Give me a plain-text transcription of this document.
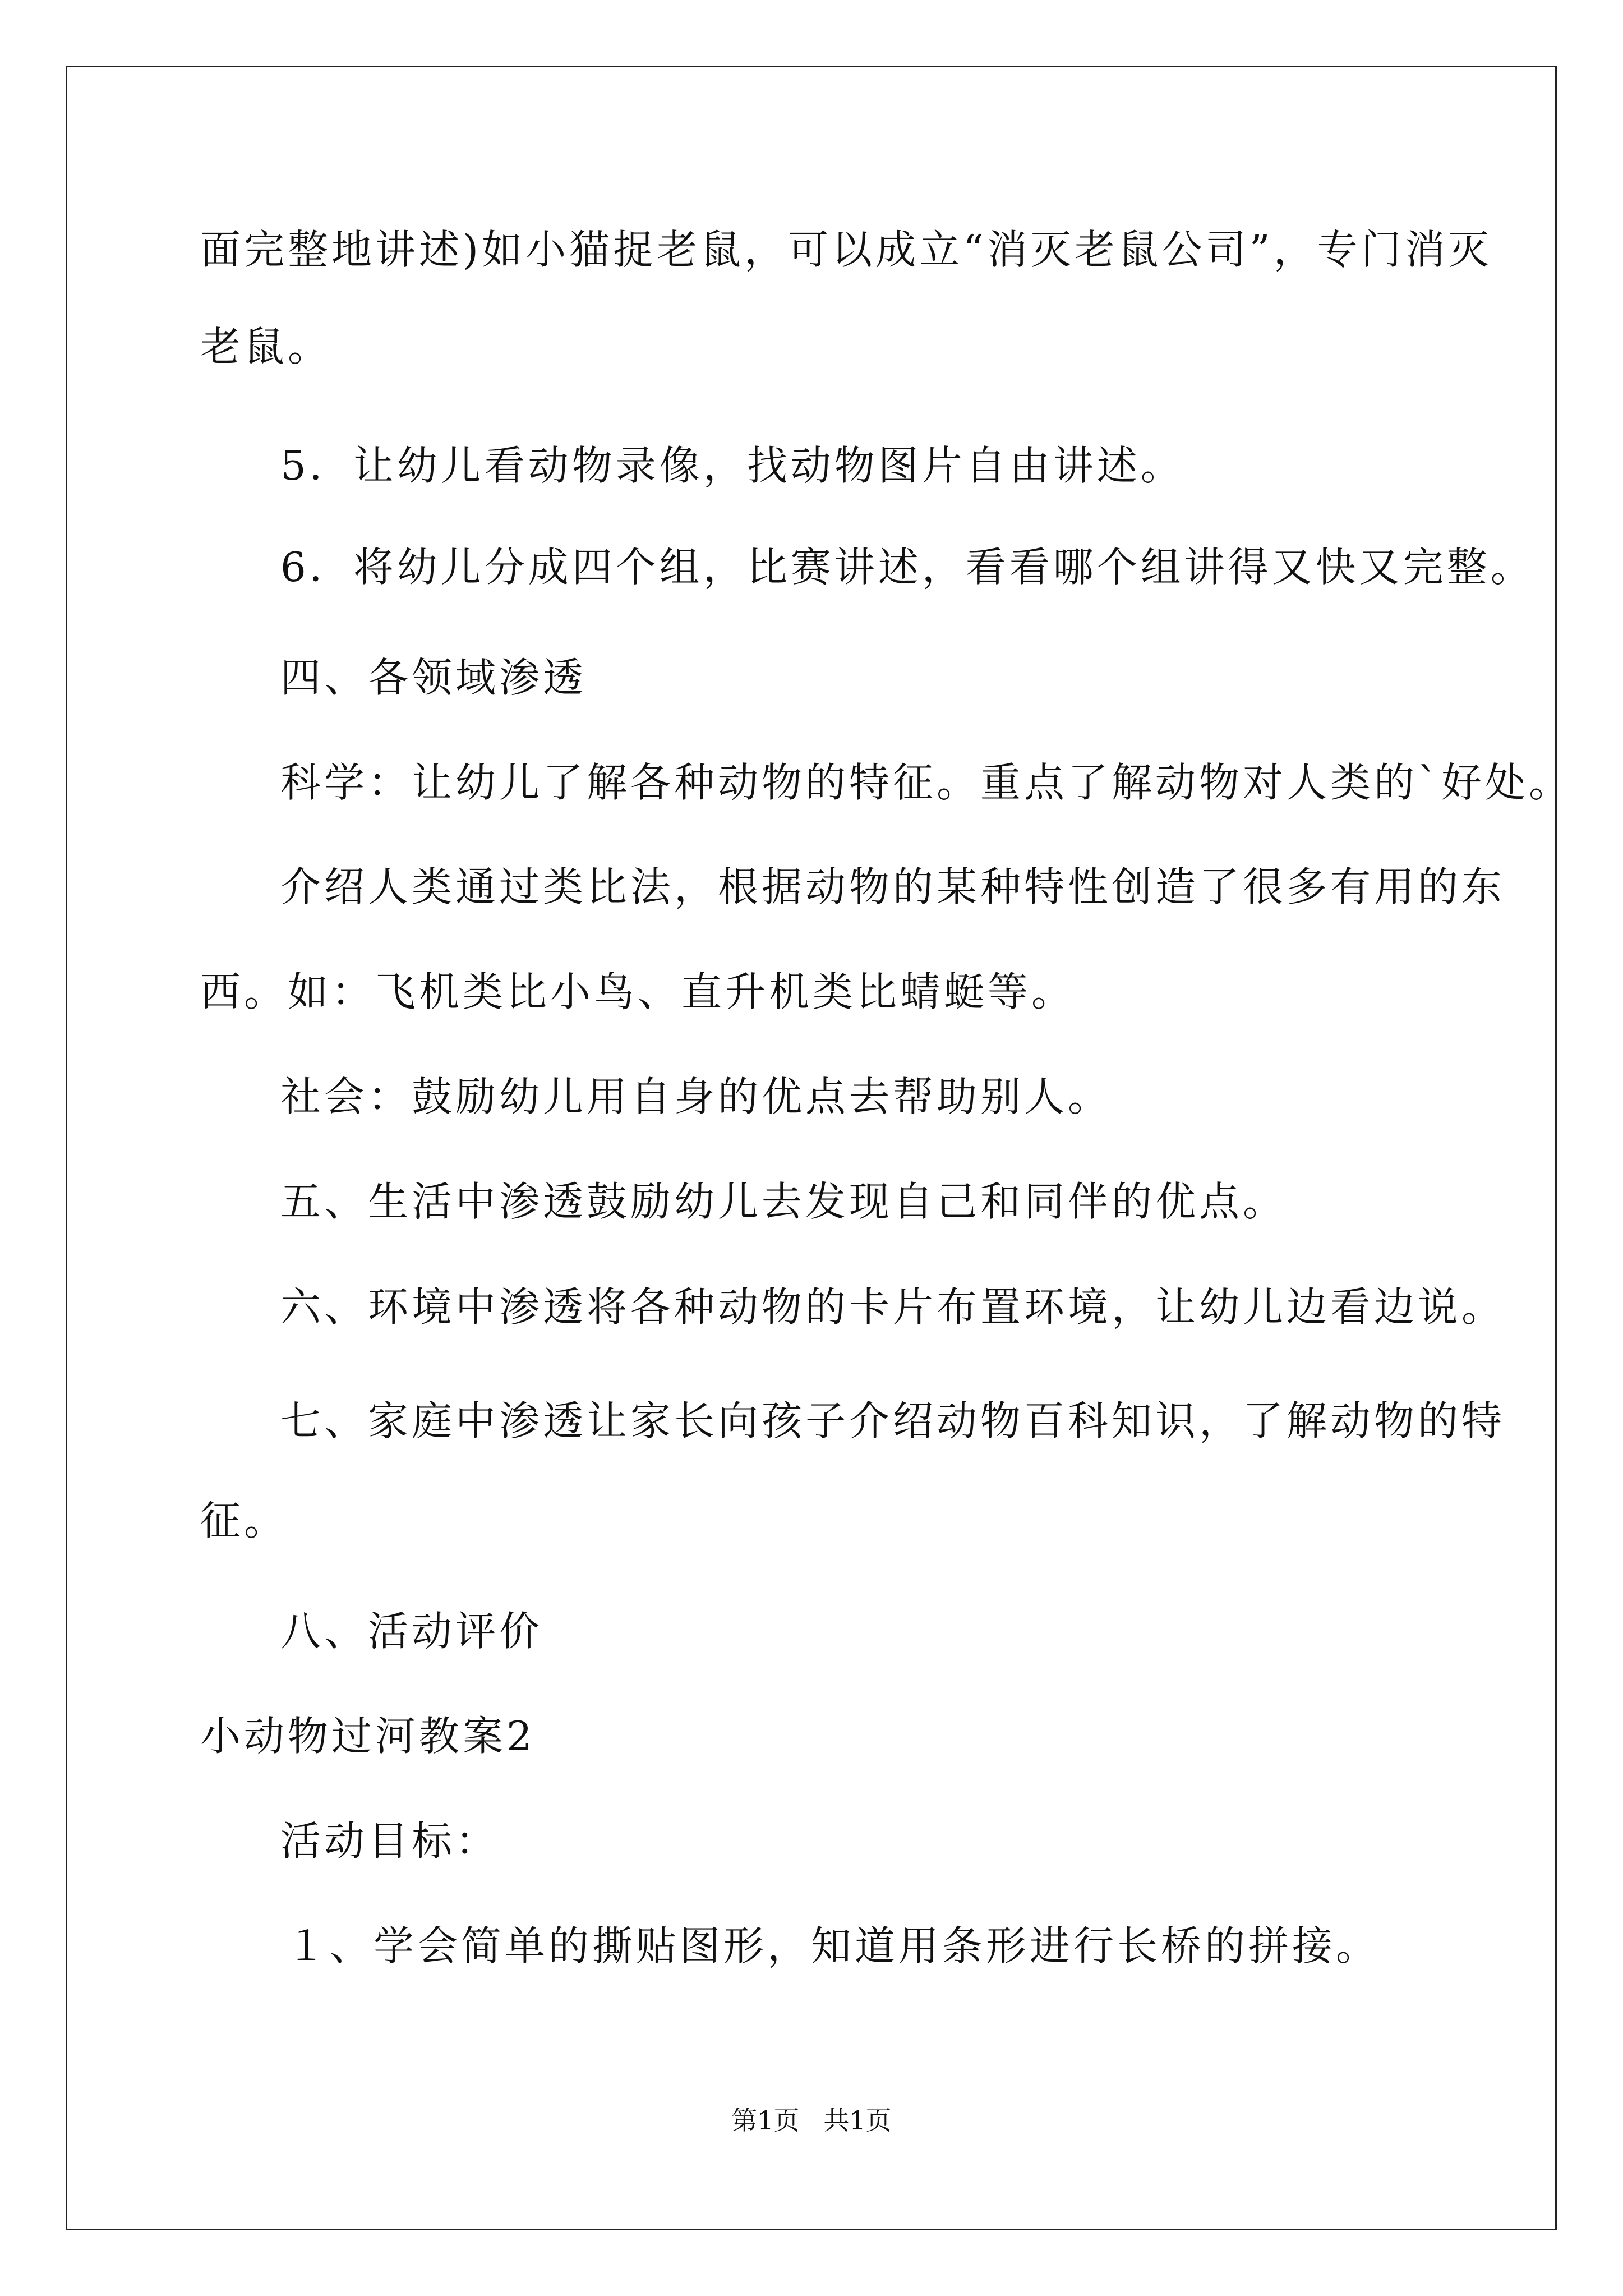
面完整地讲述)如小猫捉老鼠，可以成立“消灭老鼠公司”，专门消灭
老鼠。
5．让幼儿看动物录像，找动物图片自由讲述。
6．将幼儿分成四个组，比赛讲述，看看哪个组讲得又快又完整。
四、各领域渗透
科学：让幼儿了解各种动物的特征。重点了解动物对人类的`好处。
介绍人类通过类比法，根据动物的某种特性创造了很多有用的东
西。如：飞机类比小鸟、直升机类比蜻蜓等。
社会：鼓励幼儿用自身的优点去帮助别人。
五、生活中渗透鼓励幼儿去发现自己和同伴的优点。
六、环境中渗透将各种动物的卡片布置环境，让幼儿边看边说。
七、家庭中渗透让家长向孩子介绍动物百科知识，了解动物的特
征。
八、活动评价
小动物过河教案2
活动目标：
１、学会简单的撕贴图形，知道用条形进行长桥的拼接。
第1页 共1页
